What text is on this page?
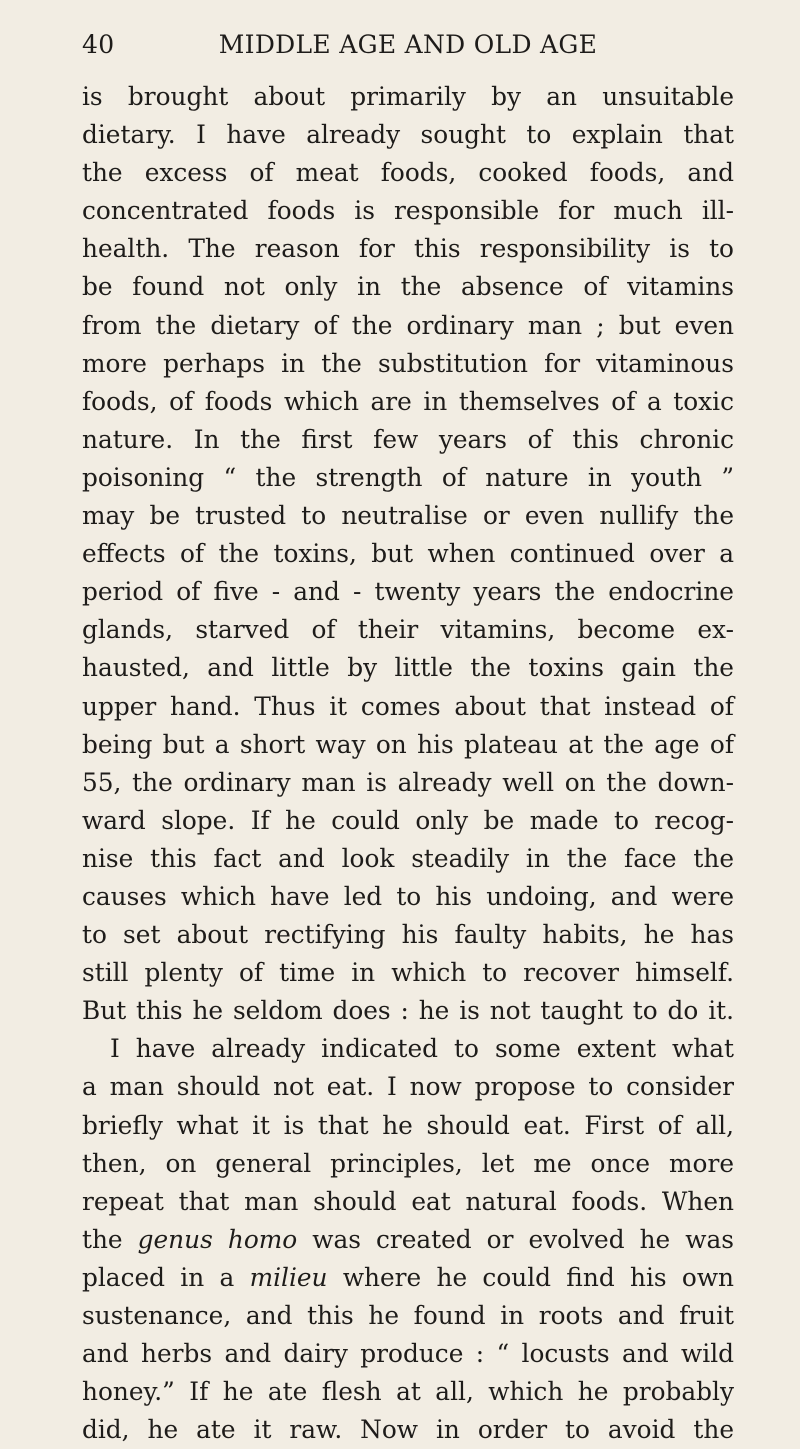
40	MIDDLE AGE AND OLD AGE
is brought about primarily by an unsuitable
dietary. I have already sought to explain that
the excess of meat foods, cooked foods, and
concentrated foods is responsible for much ill-
health. The reason for this responsibility is to
be found not only in the absence of vitamins
from the dietary of the ordinary man ; but even
more perhaps in the substitution for vitaminous
foods, of foods which are in themselves of a toxic
nature. In the first few years of this chronic
poisoning “ the strength of nature in youth ”
may be trusted to neutralise or even nullify the
effects of the toxins, but when continued over a
period of five - and - twenty years the endocrine
glands, starved of their vitamins, become ex-
hausted, and little by little the toxins gain the
upper hand. Thus it comes about that instead of
being but a short way on his plateau at the age of
55, the ordinary man is already well on the down-
ward slope. If he could only be made to recog-
nise this fact and look steadily in the face the
causes which have led to his undoing, and were
to set about rectifying his faulty habits, he has
still plenty of time in which to recover himself.
But this he seldom does : he is not taught to do it.
I have already indicated to some extent what
a man should not eat. I now propose to consider
briefly what it is that he should eat. First of all,
then, on general principles, let me once more
repeat that man should eat natural foods. When
the genus homo was created or evolved he was
placed in a milieu where he could find his own
sustenance, and this he found in roots and fruit
and herbs and dairy produce : “ locusts and wild
honey.” If he ate flesh at all, which he probably
did, he ate it raw. Now in order to avoid the
